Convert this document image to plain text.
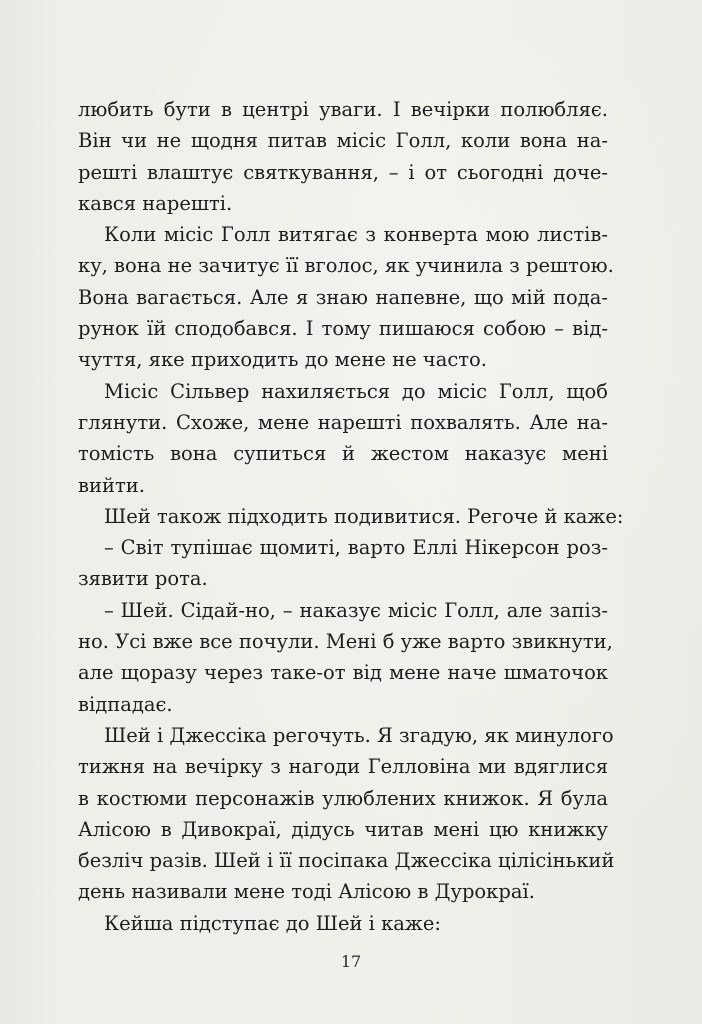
любить бути в центрі уваги. І вечірки полюбляє.
Він чи не щодня питав місіс Голл, коли вона на-
решті влаштує святкування, – і от сьогодні доче-
кався нарешті.
Коли місіс Голл витягає з конверта мою листів-
ку, вона не зачитує її вголос, як учинила з рештою.
Вона вагається. Але я знаю напевне, що мій пода-
рунок їй сподобався. І тому пишаюся собою – від-
чуття, яке приходить до мене не часто.
Місіс Сільвер нахиляється до місіс Голл, щоб
глянути. Схоже, мене нарешті похвалять. Але на-
томість вона супиться й жестом наказує мені
вийти.
Шей також підходить подивитися. Регоче й каже:
– Світ тупішає щомиті, варто Еллі Нікерсон роз-
зявити рота.
– Шей. Сідай-но, – наказує місіс Голл, але запіз-
но. Усі вже все почули. Мені б уже варто звикнути,
але щоразу через таке-от від мене наче шматочок
відпадає.
Шей і Джессіка регочуть. Я згадую, як минулого
тижня на вечірку з нагоди Гелловіна ми вдяглися
в костюми персонажів улюблених книжок. Я була
Алісою в Дивокраї, дідусь читав мені цю книжку
безліч разів. Шей і її посіпака Джессіка цілісінький
день називали мене тоді Алісою в Дурокраї.
Кейша підступає до Шей і каже:
17
